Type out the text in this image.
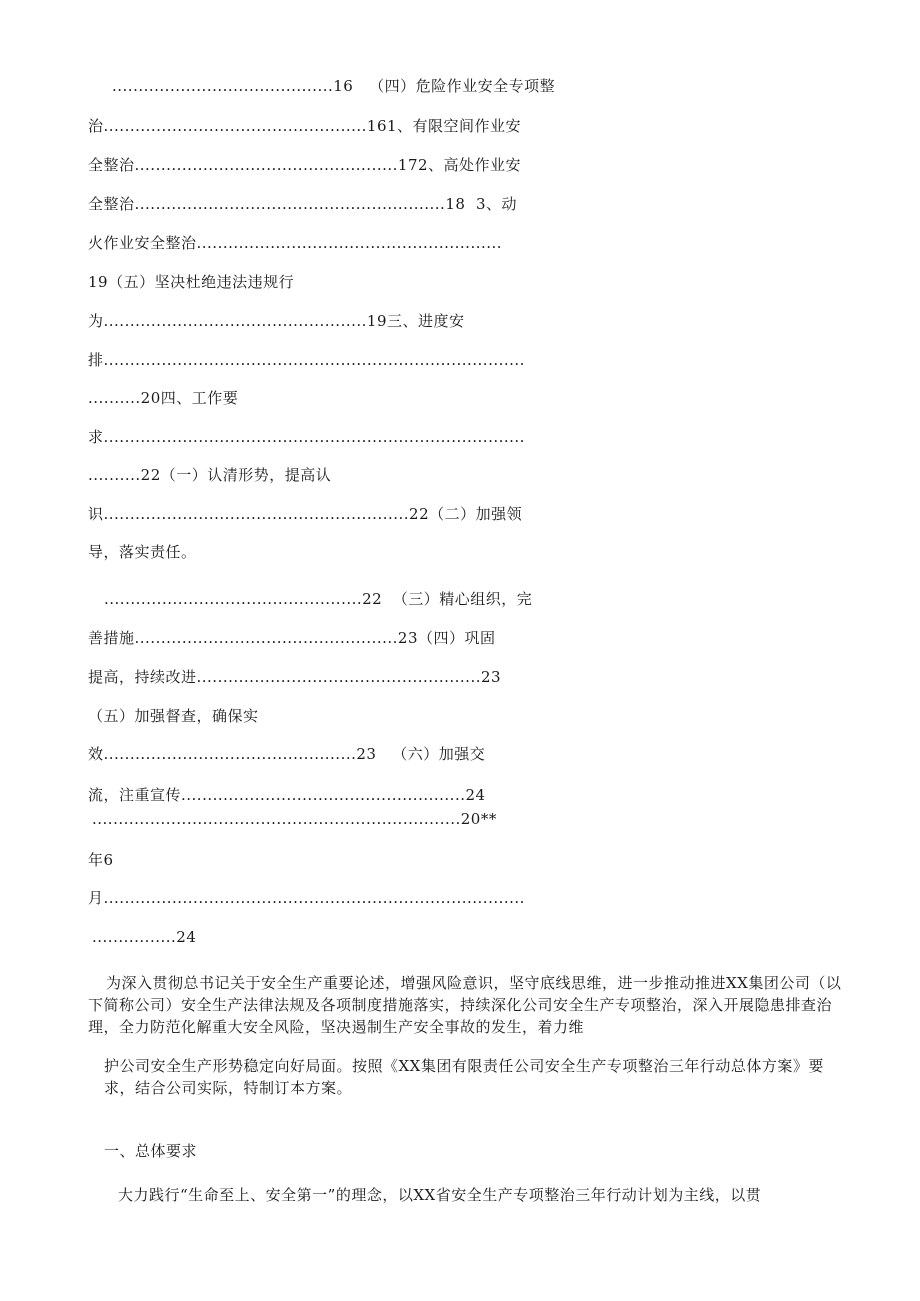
..........................................16   （四）危险作业安全专项整
治..................................................161、有限空间作业安
全整治..................................................172、高处作业安
全整治...........................................................18  3、动
火作业安全整治..........................................................
19（五）坚决杜绝违法违规行
为..................................................19三、进度安
排................................................................................
..........20四、工作要
求................................................................................
..........22（一）认清形势，提高认
识..........................................................22（二）加强领
导，落实责任。
.................................................22  （三）精心组织，完
善措施..................................................23（四）巩固
提高，持续改进......................................................23
（五）加强督查，确保实
效................................................23   （六）加强交
流，注重宣传......................................................24
......................................................................20**
年6
月................................................................................
................24
为深入贯彻总书记关于安全生产重要论述，增强风险意识，坚守底线思维，进一步推动推进XX集团公司（以下简称公司）安全生产法律法规及各项制度措施落实，持续深化公司安全生产专项整治，深入开展隐患排查治理，全力防范化解重大安全风险，坚决遏制生产安全事故的发生，着力维
护公司安全生产形势稳定向好局面。按照《XX集团有限责任公司安全生产专项整治三年行动总体方案》要求，结合公司实际，特制订本方案。
一、总体要求
大力践行“生命至上、安全第一”的理念，以XX省安全生产专项整治三年行动计划为主线，以贯
